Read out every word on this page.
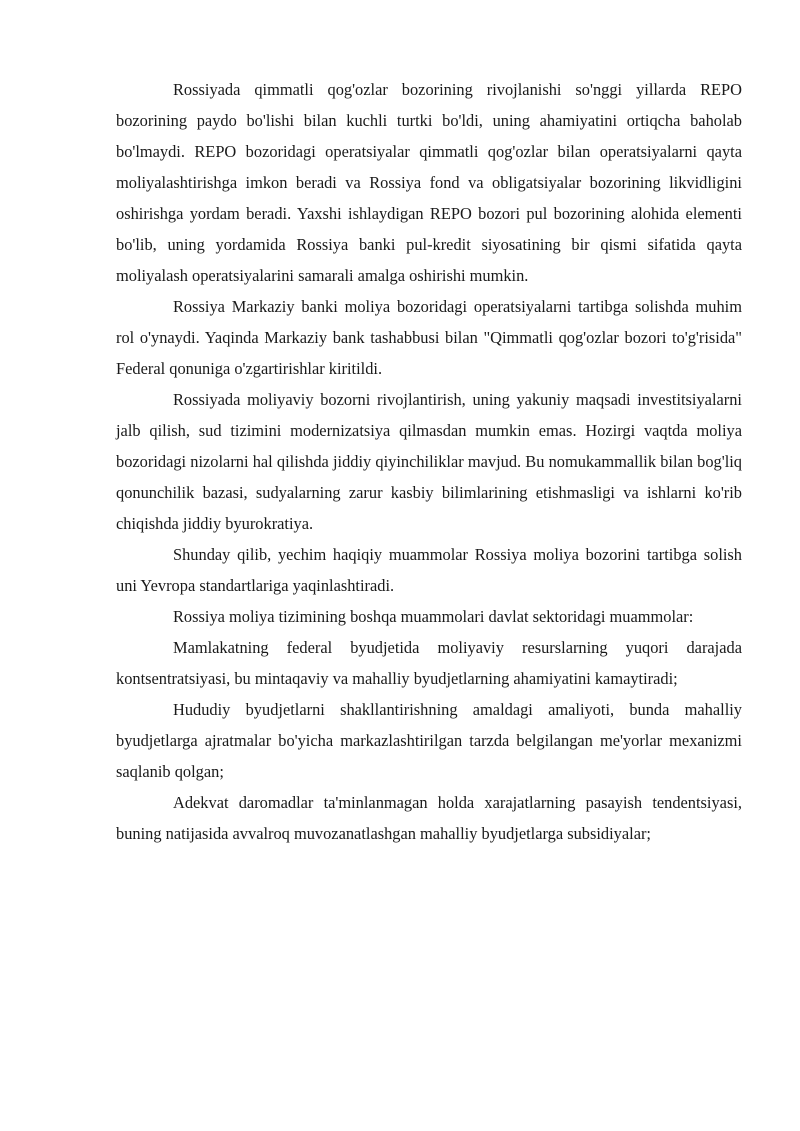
Rossiyada qimmatli qog'ozlar bozorining rivojlanishi so'nggi yillarda REPO bozorining paydo bo'lishi bilan kuchli turtki bo'ldi, uning ahamiyatini ortiqcha baholab bo'lmaydi. REPO bozoridagi operatsiyalar qimmatli qog'ozlar bilan operatsiyalarni qayta moliyalashtirishga imkon beradi va Rossiya fond va obligatsiyalar bozorining likvidligini oshirishga yordam beradi. Yaxshi ishlaydigan REPO bozori pul bozorining alohida elementi bo'lib, uning yordamida Rossiya banki pul-kredit siyosatining bir qismi sifatida qayta moliyalash operatsiyalarini samarali amalga oshirishi mumkin.

Rossiya Markaziy banki moliya bozoridagi operatsiyalarni tartibga solishda muhim rol o'ynaydi. Yaqinda Markaziy bank tashabbusi bilan "Qimmatli qog'ozlar bozori to'g'risida" Federal qonuniga o'zgartirishlar kiritildi.

Rossiyada moliyaviy bozorni rivojlantirish, uning yakuniy maqsadi investitsiyalarni jalb qilish, sud tizimini modernizatsiya qilmasdan mumkin emas. Hozirgi vaqtda moliya bozoridagi nizolarni hal qilishda jiddiy qiyinchiliklar mavjud. Bu nomukammallik bilan bog'liq qonunchilik bazasi, sudyalarning zarur kasbiy bilimlarining etishmasligi va ishlarni ko'rib chiqishda jiddiy byurokratiya.

Shunday qilib, yechim haqiqiy muammolar Rossiya moliya bozorini tartibga solish uni Yevropa standartlariga yaqinlashtiradi.

Rossiya moliya tizimining boshqa muammolari davlat sektoridagi muammolar:

Mamlakatning federal byudjetida moliyaviy resurslarning yuqori darajada kontsentratsiyasi, bu mintaqaviy va mahalliy byudjetlarning ahamiyatini kamaytiradi;

Hududiy byudjetlarni shakllantirishning amaldagi amaliyoti, bunda mahalliy byudjetlarga ajratmalar bo'yicha markazlashtirilgan tarzda belgilangan me'yorlar mexanizmi saqlanib qolgan;

Adekvat daromadlar ta'minlanmagan holda xarajatlarning pasayish tendentsiyasi, buning natijasida avvalroq muvozanatlashgan mahalliy byudjetlarga subsidiyalar;
